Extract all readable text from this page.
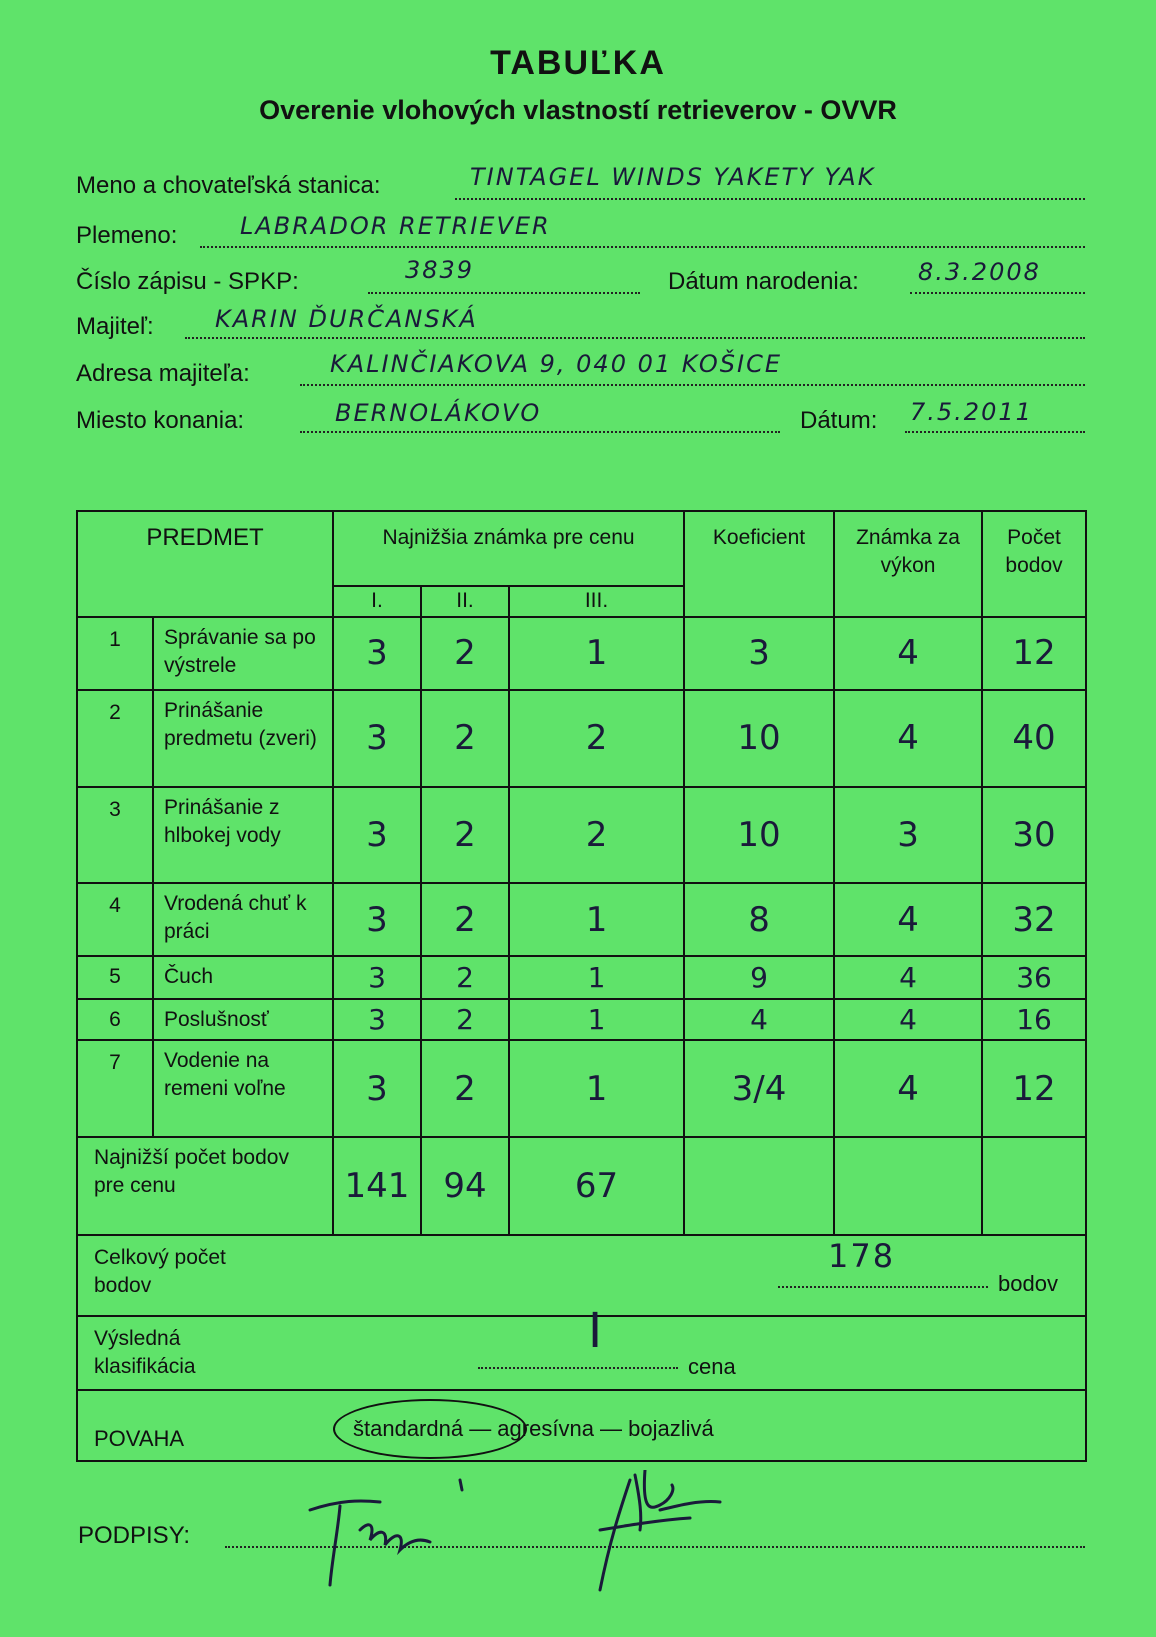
TABUĽKA
Overenie vlohových vlastností retrieverov - OVVR
Meno a chovateľská stanica:	TINTAGEL WINDS YAKETY YAK
Plemeno:	LABRADOR RETRIEVER
Číslo zápisu - SPKP:	3839	Dátum narodenia: 8.3.2008
Majiteľ:	KARIN ĎURČANSKÁ
Adresa majiteľa:	KALINČIAKOVA 9, 040 01 KOŠICE
Miesto konania:	BERNOLÁKOVO	Dátum: 7.5.2011
PREDMET		Najnižšia známka pre cenu			Koeficient	Známka za výkon	Počet bodov
		I.	II.	III.			
1	Správanie sa po výstrele	3	2	1	3	4	12
2	Prinášanie predmetu (zveri)	3	2	2	10	4	40
3	Prinášanie z hlbokej vody	3	2	2	10	3	30
4	Vrodená chuť k práci	3	2	1	8	4	32
5	Čuch	3	2	1	9	4	36
6	Poslušnosť	3	2	1	4	4	16
7	Vodenie na remeni voľne	3	2	1	3/4	4	12
Najnižší počet bodov pre cenu		141	94	67			

Celkový počet bodov
178
bodov							

Výsledná klasifikácia
I
cena							

POVAHA štandardná — agresívna — bojazlivá							
PODPISY:
